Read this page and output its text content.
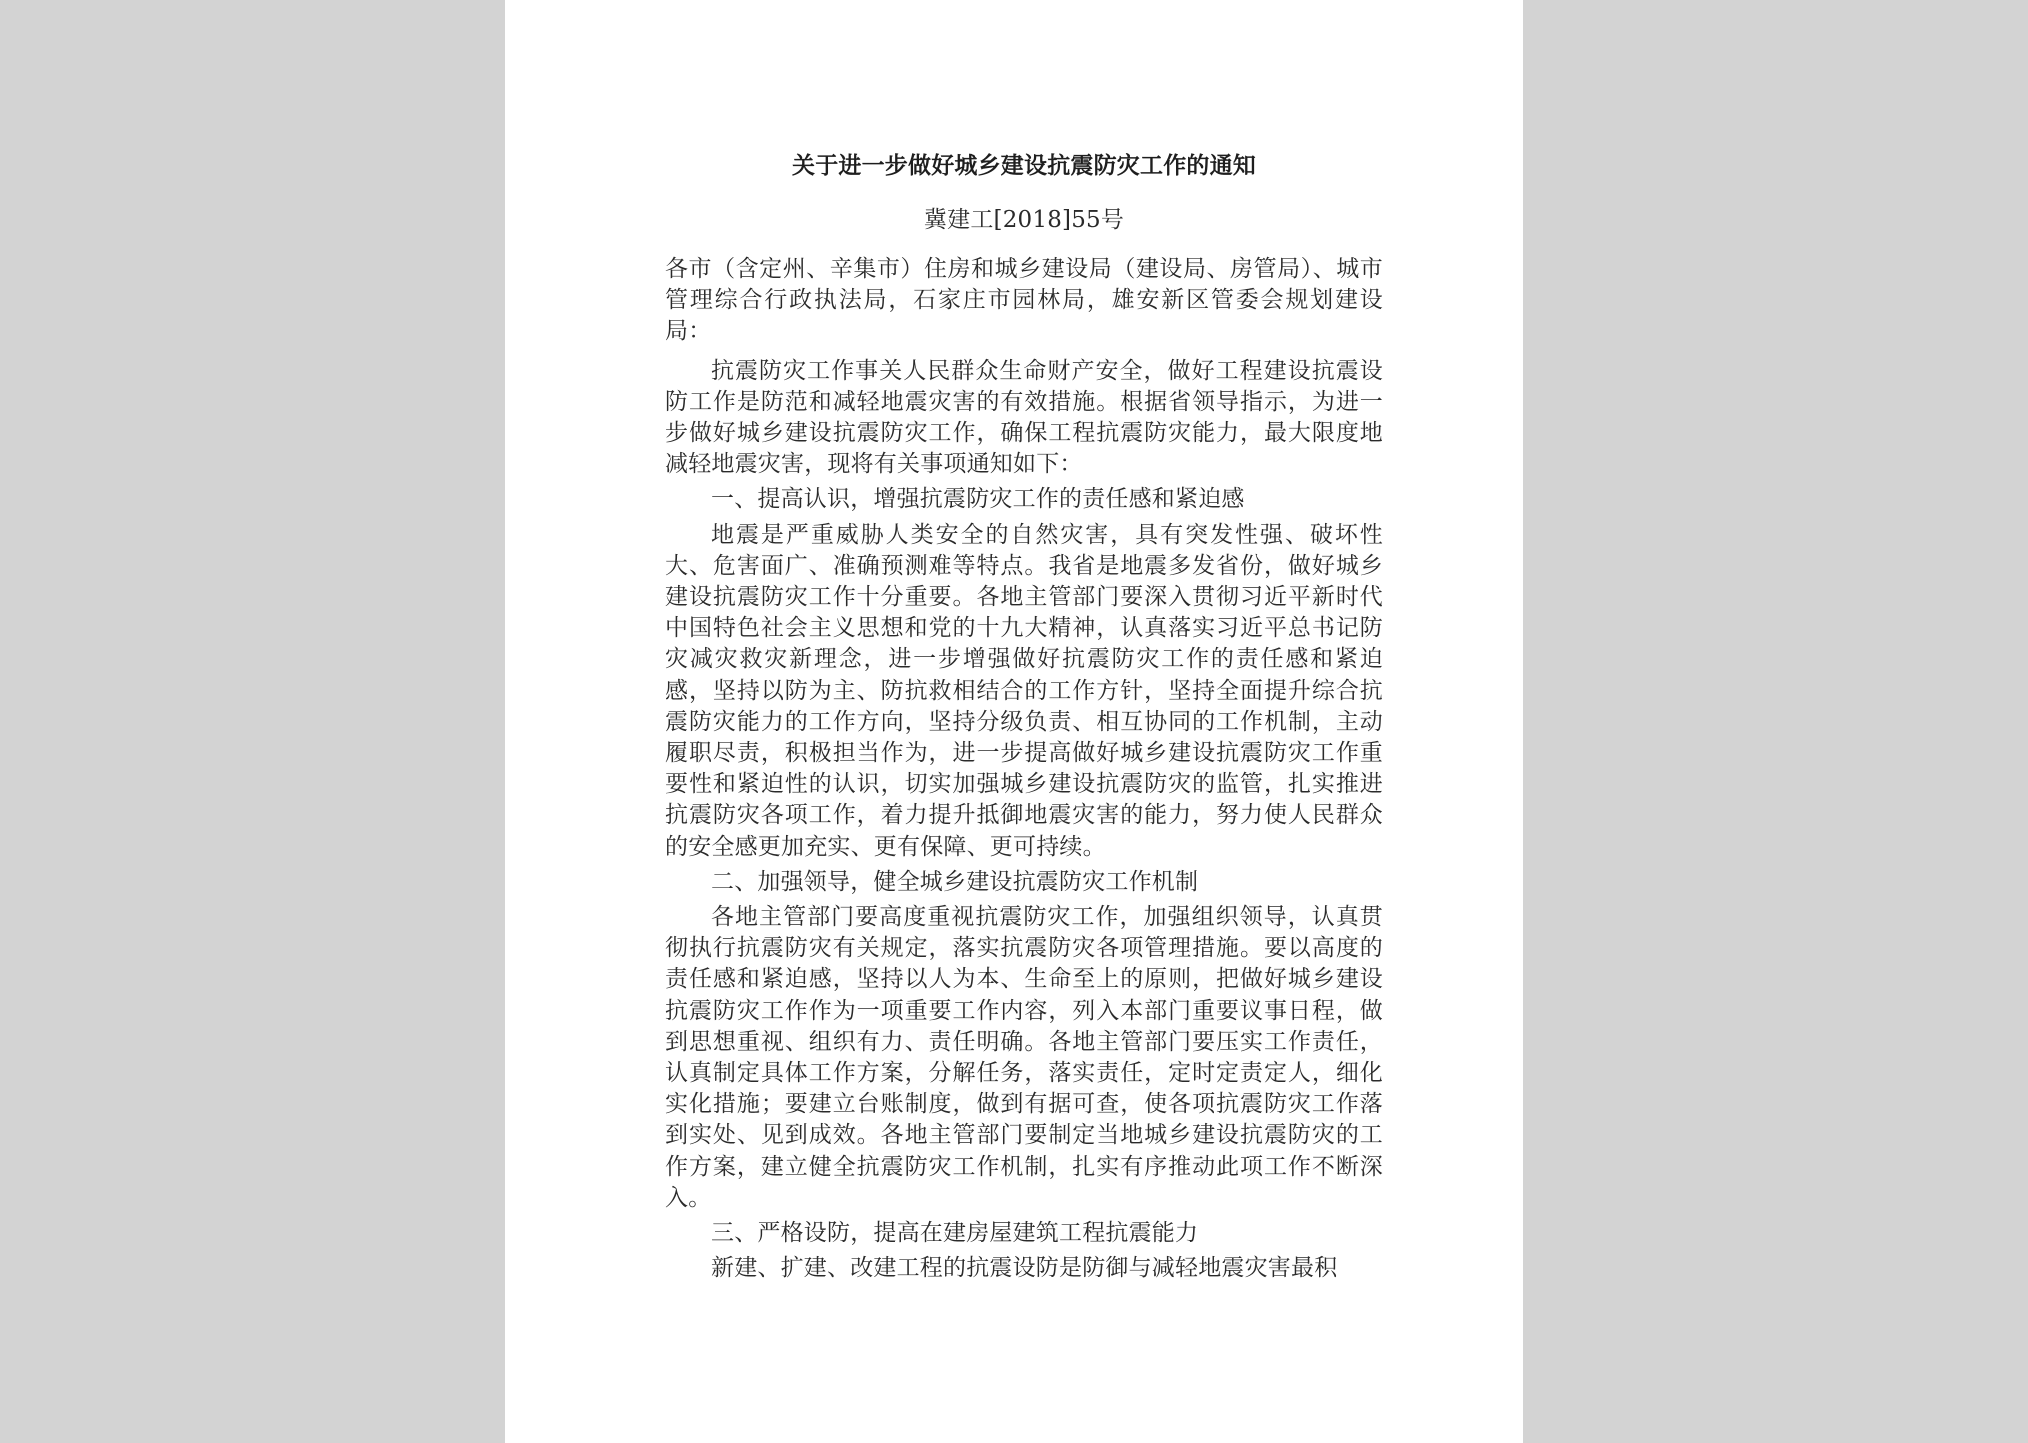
关于进一步做好城乡建设抗震防灾工作的通知

冀建工[2018]55号

各市（含定州、辛集市）住房和城乡建设局（建设局、房管局）、城市管理综合行政执法局，石家庄市园林局，雄安新区管委会规划建设局：

抗震防灾工作事关人民群众生命财产安全，做好工程建设抗震设防工作是防范和减轻地震灾害的有效措施。根据省领导指示，为进一步做好城乡建设抗震防灾工作，确保工程抗震防灾能力，最大限度地减轻地震灾害，现将有关事项通知如下：

一、提高认识，增强抗震防灾工作的责任感和紧迫感

地震是严重威胁人类安全的自然灾害，具有突发性强、破坏性大、危害面广、准确预测难等特点。我省是地震多发省份，做好城乡建设抗震防灾工作十分重要。各地主管部门要深入贯彻习近平新时代中国特色社会主义思想和党的十九大精神，认真落实习近平总书记防灾减灾救灾新理念，进一步增强做好抗震防灾工作的责任感和紧迫感，坚持以防为主、防抗救相结合的工作方针，坚持全面提升综合抗震防灾能力的工作方向，坚持分级负责、相互协同的工作机制，主动履职尽责，积极担当作为，进一步提高做好城乡建设抗震防灾工作重要性和紧迫性的认识，切实加强城乡建设抗震防灾的监管，扎实推进抗震防灾各项工作，着力提升抵御地震灾害的能力，努力使人民群众的安全感更加充实、更有保障、更可持续。

二、加强领导，健全城乡建设抗震防灾工作机制

各地主管部门要高度重视抗震防灾工作，加强组织领导，认真贯彻执行抗震防灾有关规定，落实抗震防灾各项管理措施。要以高度的责任感和紧迫感，坚持以人为本、生命至上的原则，把做好城乡建设抗震防灾工作作为一项重要工作内容，列入本部门重要议事日程，做到思想重视、组织有力、责任明确。各地主管部门要压实工作责任，认真制定具体工作方案，分解任务，落实责任，定时定责定人，细化实化措施；要建立台账制度，做到有据可查，使各项抗震防灾工作落到实处、见到成效。各地主管部门要制定当地城乡建设抗震防灾的工作方案，建立健全抗震防灾工作机制，扎实有序推动此项工作不断深入。

三、严格设防，提高在建房屋建筑工程抗震能力

新建、扩建、改建工程的抗震设防是防御与减轻地震灾害最积
